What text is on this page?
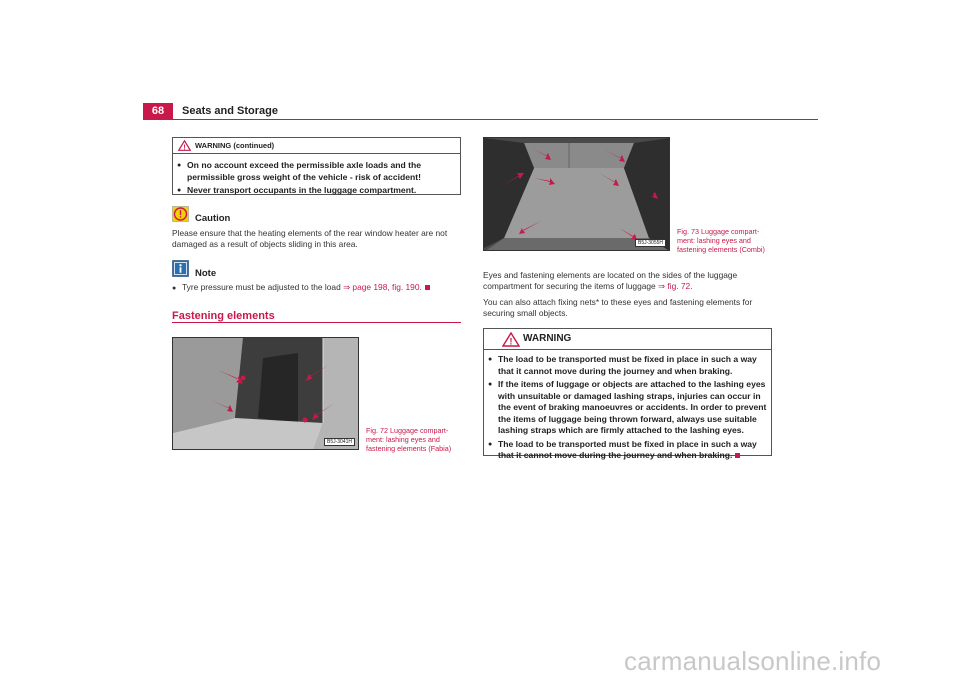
68	Seats and Storage
! WARNING (continued)
● On no account exceed the permissible axle loads and the permissible gross weight of the vehicle - risk of accident!
● Never transport occupants in the luggage compartment.
Caution
Please ensure that the heating elements of the rear window heater are not damaged as a result of objects sliding in this area.
Note
● Tyre pressure must be adjusted to the load ⇒ page 198, fig. 190.
Fastening elements
B5J-3041H
Fig. 72 Luggage compart-ment: lashing eyes and fastening elements (Fabia)
B5J-3055H
Fig. 73 Luggage compart-ment: lashing eyes and fastening elements (Combi)
Eyes and fastening elements are located on the sides of the luggage compartment for securing the items of luggage ⇒ fig. 72.
You can also attach fixing nets* to these eyes and fastening elements for securing small objects.
! WARNING
● The load to be transported must be fixed in place in such a way that it cannot move during the journey and when braking.
● If the items of luggage or objects are attached to the lashing eyes with unsuitable or damaged lashing straps, injuries can occur in the event of braking manoeuvres or accidents. In order to prevent the items of luggage being thrown forward, always use suitable lashing straps which are firmly attached to the lashing eyes.
● The load to be transported must be fixed in place in such a way that it cannot move during the journey and when braking.
carmanualsonline.info
